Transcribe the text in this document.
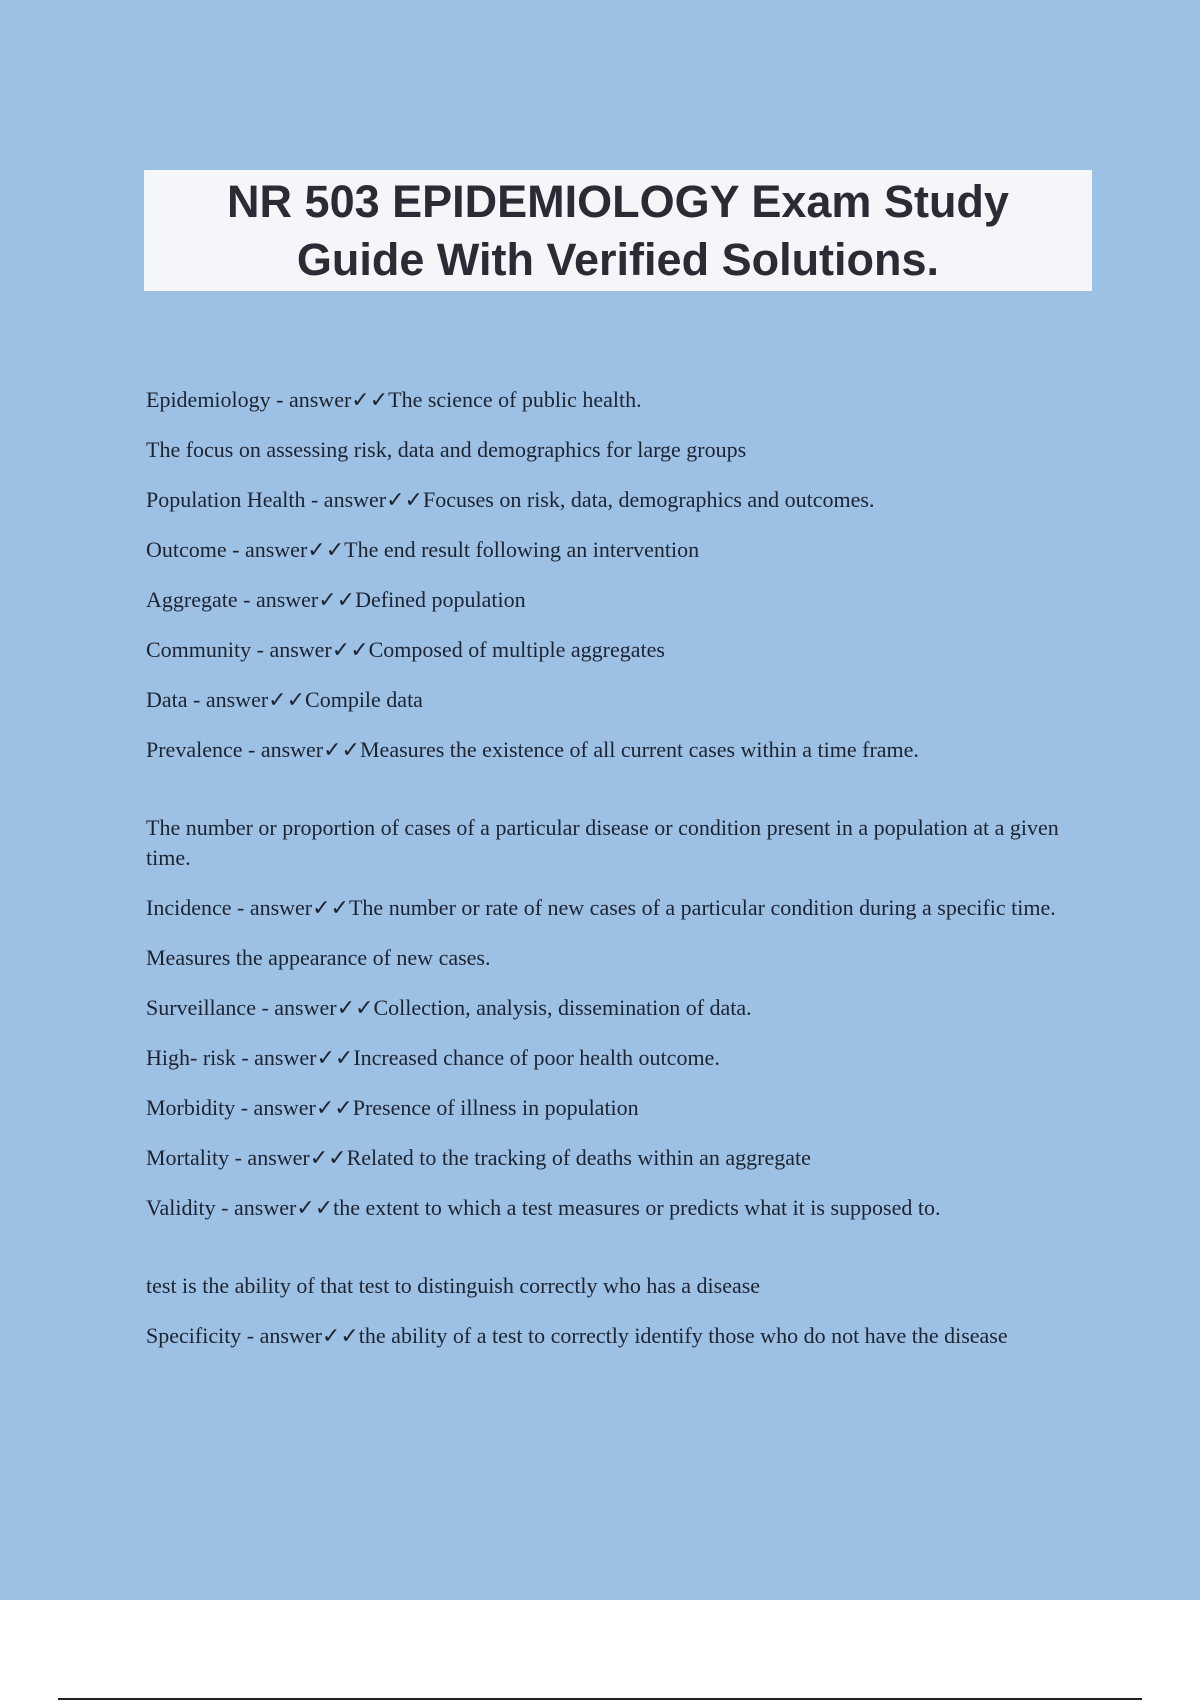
NR 503 EPIDEMIOLOGY Exam Study Guide With Verified Solutions.
Epidemiology - answer✓✓The science of public health.
The focus on assessing risk, data and demographics for large groups
Population Health - answer✓✓Focuses on risk, data, demographics and outcomes.
Outcome - answer✓✓The end result following an intervention
Aggregate - answer✓✓Defined population
Community - answer✓✓Composed of multiple aggregates
Data - answer✓✓Compile data
Prevalence - answer✓✓Measures the existence of all current cases within a time frame.
The number or proportion of cases of a particular disease or condition present in a population at a given time.
Incidence - answer✓✓The number or rate of new cases of a particular condition during a specific time.
Measures the appearance of new cases.
Surveillance - answer✓✓Collection, analysis, dissemination of data.
High- risk - answer✓✓Increased chance of poor health outcome.
Morbidity - answer✓✓Presence of illness in population
Mortality - answer✓✓Related to the tracking of deaths within an aggregate
Validity - answer✓✓the extent to which a test measures or predicts what it is supposed to.
test is the ability of that test to distinguish correctly who has a disease
Specificity - answer✓✓the ability of a test to correctly identify those who do not have the disease
